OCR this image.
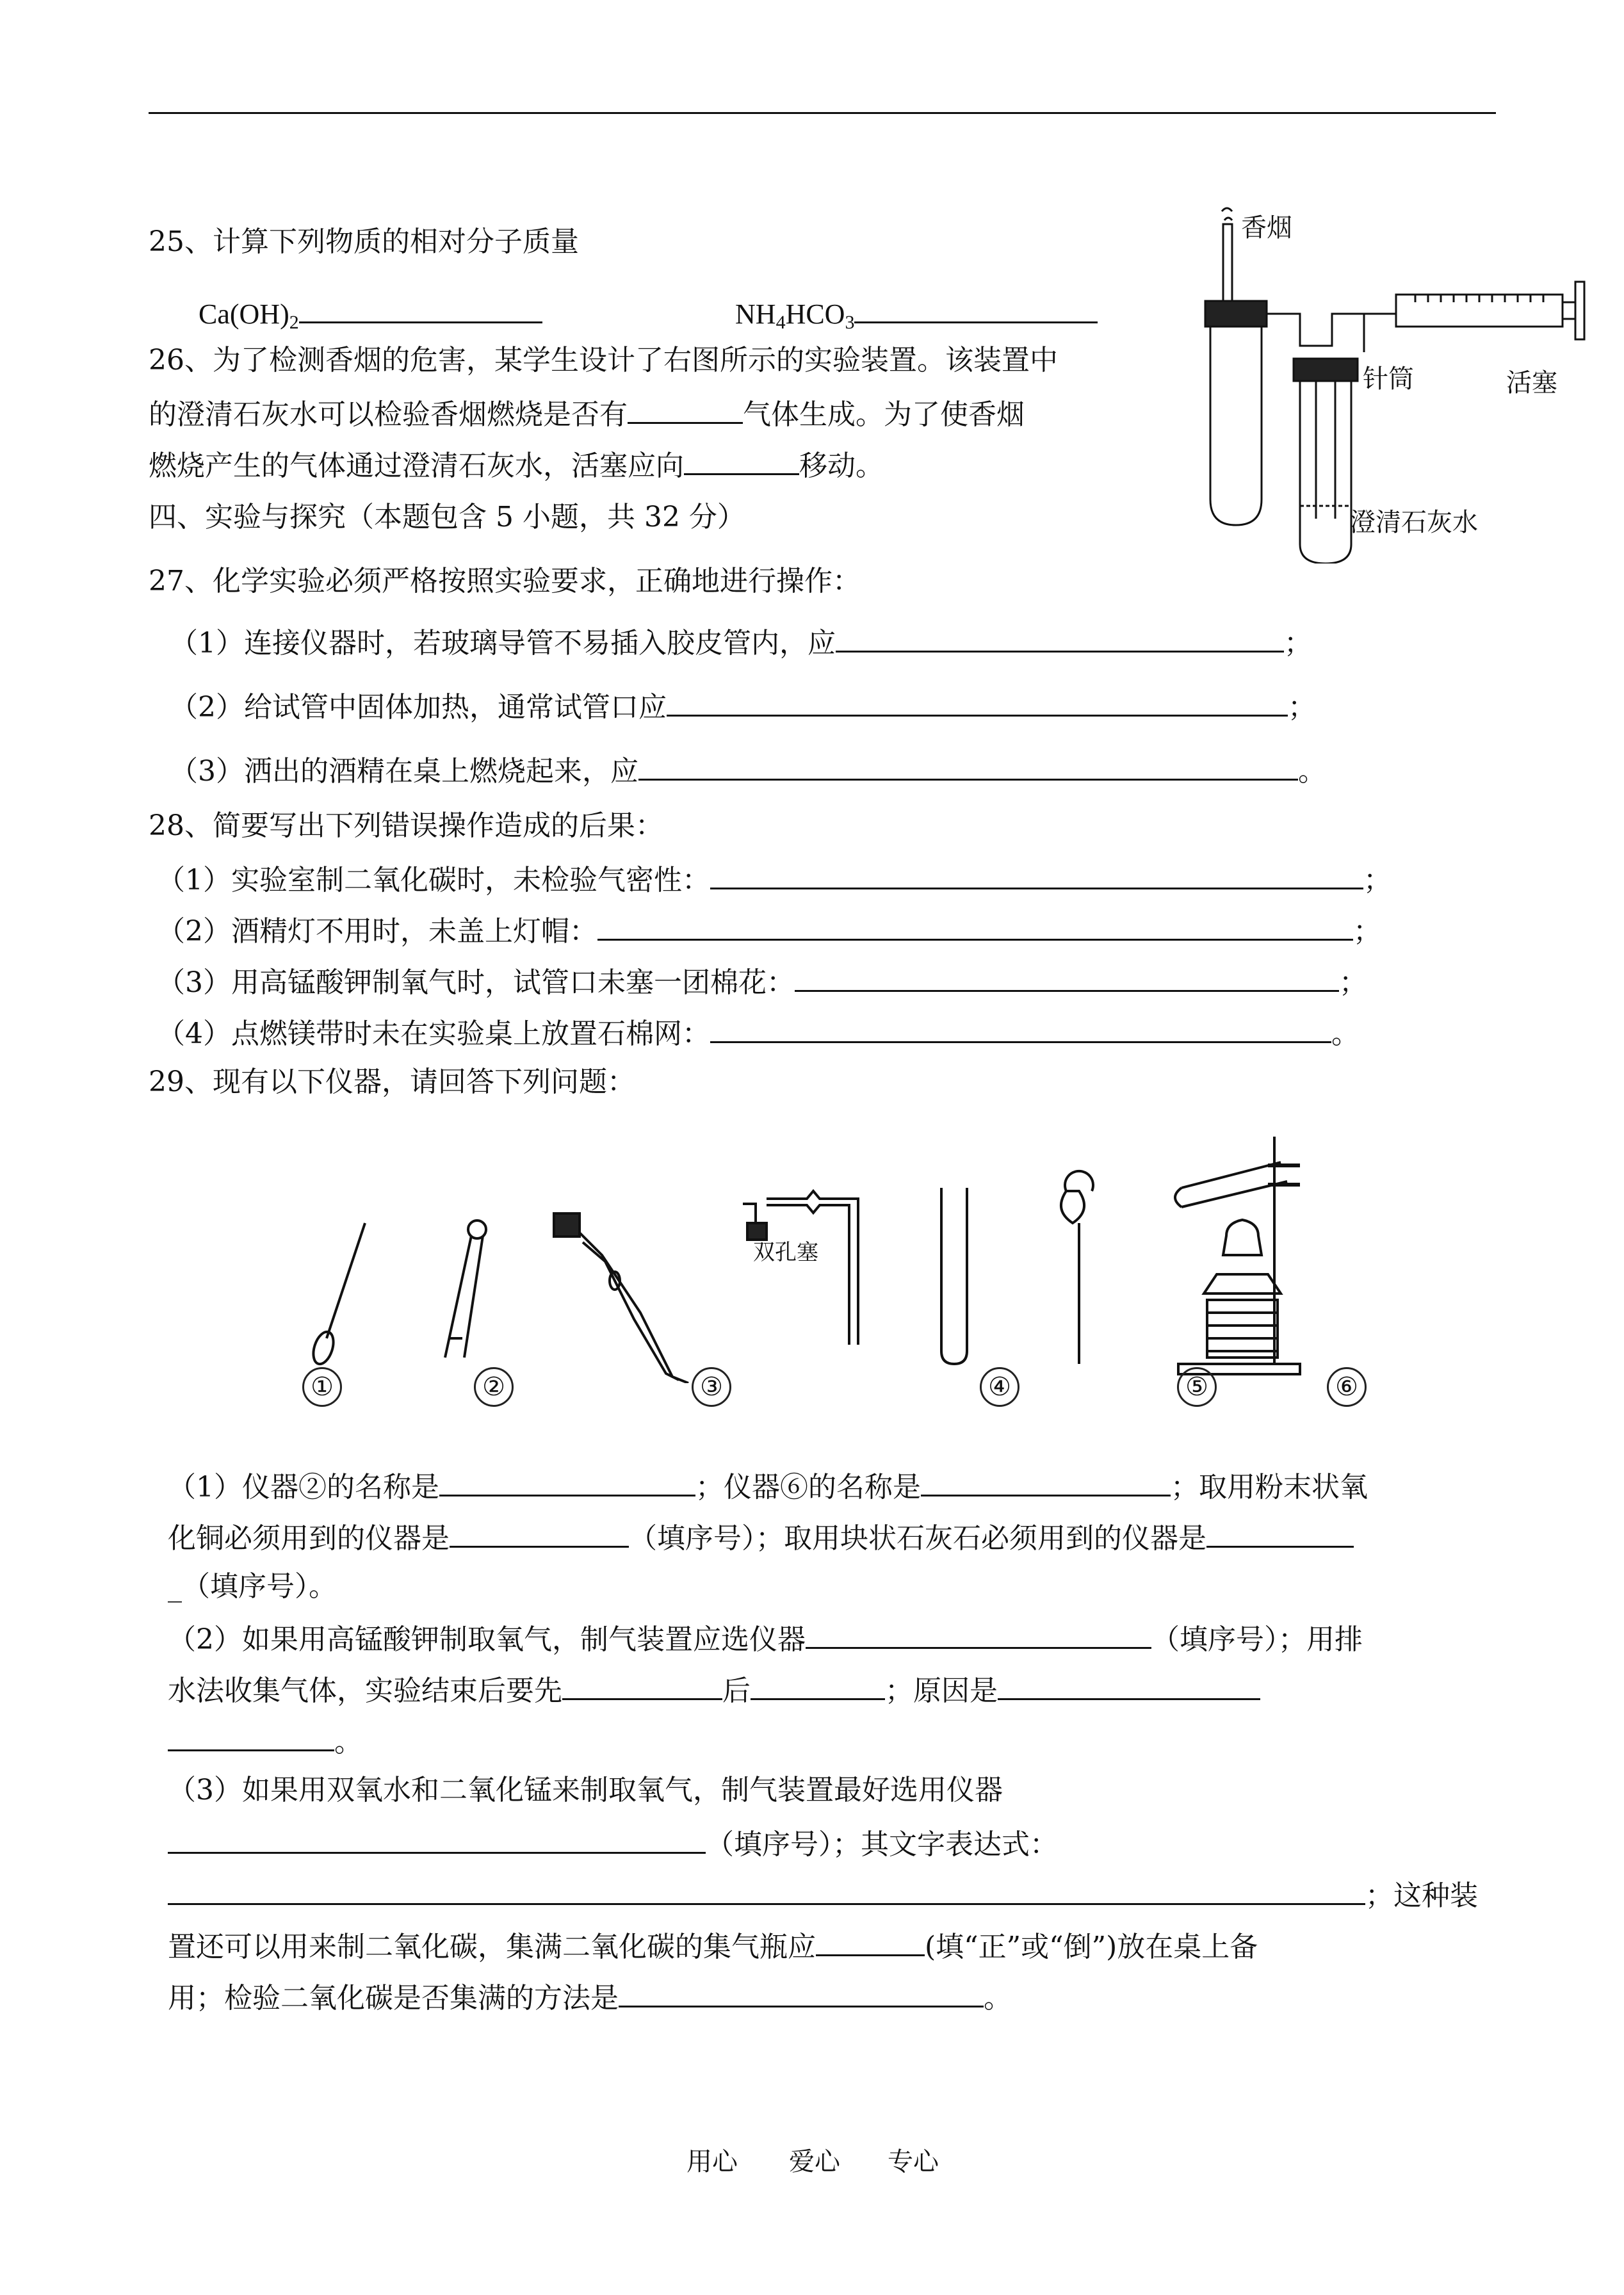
25、计算下列物质的相对分子质量
$Ca(OH)_2$	$NH_4HCO_3$
26、为了检测香烟的危害，某学生设计了右图所示的实验装置。该装置中
的澄清石灰水可以检验香烟燃烧是否有	气体生成。为了使香烟
燃烧产生的气体通过澄清石灰水，活塞应向	移动。
香烟
针筒	活塞
澄清石灰水
四、实验与探究（本题包含 5 小题，共 32 分）
27、化学实验必须严格按照实验要求，正确地进行操作：
（1）连接仪器时，若玻璃导管不易插入胶皮管内，应	；
（2）给试管中固体加热，通常试管口应	；
（3）洒出的酒精在桌上燃烧起来，应	。
28、简要写出下列错误操作造成的后果：
（1）实验室制二氧化碳时，未检验气密性：	；
（2）酒精灯不用时，未盖上灯帽：	；
（3）用高锰酸钾制氧气时，试管口未塞一团棉花：	；
（4）点燃镁带时未在实验桌上放置石棉网：	。
29、现有以下仪器，请回答下列问题：
双孔塞
①	②	③	④	⑤	⑥
（1）仪器②的名称是	；仪器⑥的名称是	；取用粉末状氧
化铜必须用到的仪器是	（填序号）；取用块状石灰石必须用到的仪器是
_（填序号）。
（2）如果用高锰酸钾制取氧气，制气装置应选仪器	（填序号）；用排
水法收集气体，实验结束后要先	后	；原因是
。
（3）如果用双氧水和二氧化锰来制取氧气，制气装置最好选用仪器
（填序号）；其文字表达式：
；这种装
置还可以用来制二氧化碳，集满二氧化碳的集气瓶应	(填“正”或“倒”)放在桌上备
用；检验二氧化碳是否集满的方法是	。
用心 爱心 专心
